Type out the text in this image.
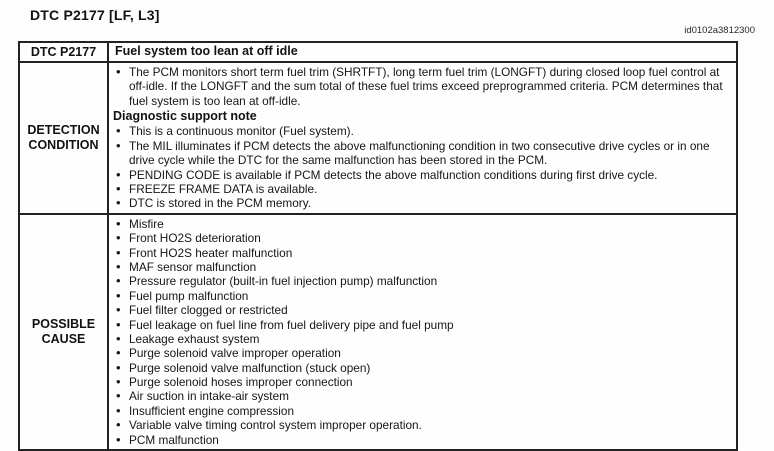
DTC P2177 [LF, L3]
id0102a3812300
DTC P2177	Fuel system too lean at off idle
DETECTION
CONDITION
• The PCM monitors short term fuel trim (SHRTFT), long term fuel trim (LONGFT) during closed loop fuel control at off-idle. If the LONGFT and the sum total of these fuel trims exceed preprogrammed criteria. PCM determines that fuel system is too lean at off-idle.
Diagnostic support note
• This is a continuous monitor (Fuel system).
• The MIL illuminates if PCM detects the above malfunctioning condition in two consecutive drive cycles or in one drive cycle while the DTC for the same malfunction has been stored in the PCM.
• PENDING CODE is available if PCM detects the above malfunction conditions during first drive cycle.
• FREEZE FRAME DATA is available.
• DTC is stored in the PCM memory.
POSSIBLE
CAUSE
• Misfire
• Front HO2S deterioration
• Front HO2S heater malfunction
• MAF sensor malfunction
• Pressure regulator (built-in fuel injection pump) malfunction
• Fuel pump malfunction
• Fuel filter clogged or restricted
• Fuel leakage on fuel line from fuel delivery pipe and fuel pump
• Leakage exhaust system
• Purge solenoid valve improper operation
• Purge solenoid valve malfunction (stuck open)
• Purge solenoid hoses improper connection
• Air suction in intake-air system
• Insufficient engine compression
• Variable valve timing control system improper operation.
• PCM malfunction
